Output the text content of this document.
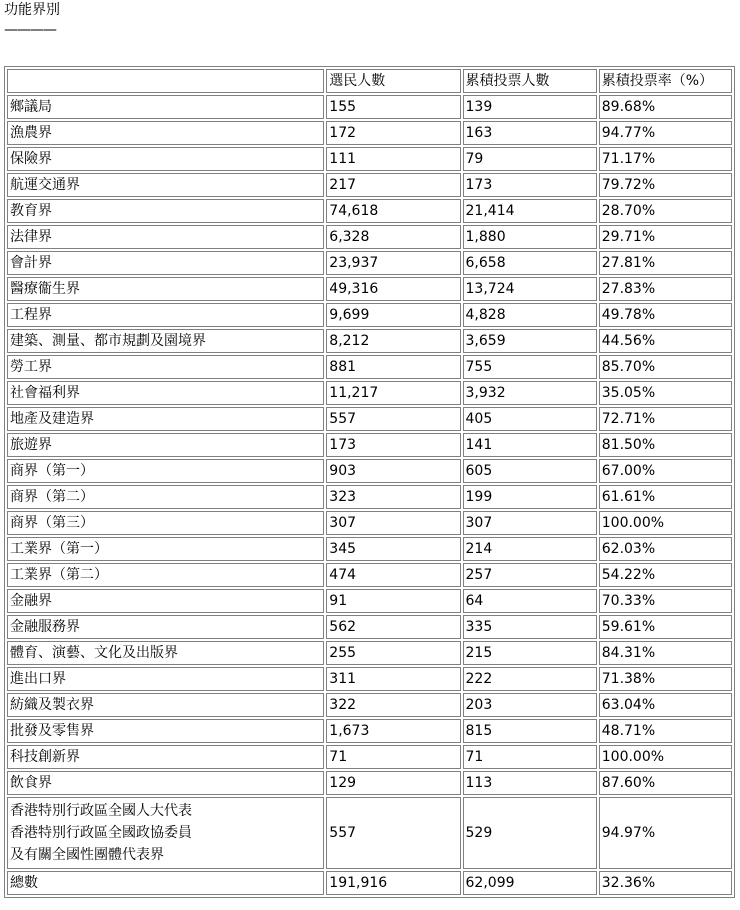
功能界別
————
	選民人數	累積投票人數	累積投票率（%）
鄉議局	155	139	89.68%
漁農界	172	163	94.77%
保險界	111	79	71.17%
航運交通界	217	173	79.72%
教育界	74,618	21,414	28.70%
法律界	6,328	1,880	29.71%
會計界	23,937	6,658	27.81%
醫療衞生界	49,316	13,724	27.83%
工程界	9,699	4,828	49.78%
建築、測量、都市規劃及園境界	8,212	3,659	44.56%
勞工界	881	755	85.70%
社會福利界	11,217	3,932	35.05%
地產及建造界	557	405	72.71%
旅遊界	173	141	81.50%
商界（第一）	903	605	67.00%
商界（第二）	323	199	61.61%
商界（第三）	307	307	100.00%
工業界（第一）	345	214	62.03%
工業界（第二）	474	257	54.22%
金融界	91	64	70.33%
金融服務界	562	335	59.61%
體育、演藝、文化及出版界	255	215	84.31%
進出口界	311	222	71.38%
紡織及製衣界	322	203	63.04%
批發及零售界	1,673	815	48.71%
科技創新界	71	71	100.00%
飲食界	129	113	87.60%
香港特別行政區全國人大代表
香港特別行政區全國政協委員
及有關全國性團體代表界	557	529	94.97%
總數	191,916	62,099	32.36%
